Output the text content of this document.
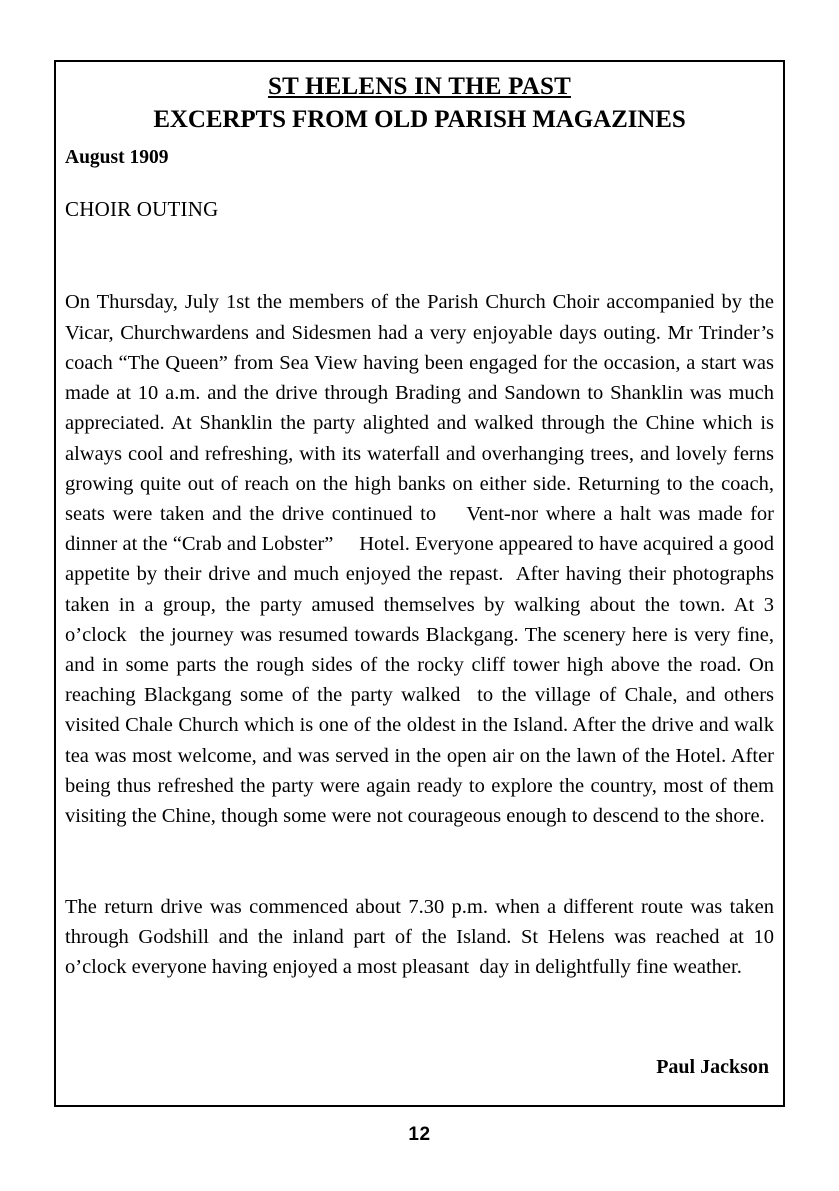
ST HELENS IN THE PAST
EXCERPTS FROM OLD PARISH MAGAZINES
August 1909
CHOIR OUTING

On Thursday, July 1st the members of the Parish Church Choir accompanied by the Vicar, Churchwardens and Sidesmen had a very enjoyable days outing. Mr Trinder’s coach “The Queen” from Sea View having been engaged for the occasion, a start was made at 10 a.m. and the drive through Brading and Sandown to Shanklin was much appreciated. At Shanklin the party alighted and walked through the Chine which is always cool and refreshing, with its waterfall and overhanging trees, and lovely ferns growing quite out of reach on the high banks on either side. Returning to the coach, seats were taken and the drive continued to    Vent-nor where a halt was made for dinner at the “Crab and Lobster”     Hotel. Everyone appeared to have acquired a good appetite by their drive and much enjoyed the repast.  After having their photographs taken in a group, the party amused themselves by walking about the town. At 3 o’clock  the journey was resumed towards Blackgang. The scenery here is very fine, and in some parts the rough sides of the rocky cliff tower high above the road. On reaching Blackgang some of the party walked  to the village of Chale, and others visited Chale Church which is one of the oldest in the Island. After the drive and walk tea was most welcome, and was served in the open air on the lawn of the Hotel. After being thus refreshed the party were again ready to explore the country, most of them visiting the Chine, though some were not courageous enough to descend to the shore.

The return drive was commenced about 7.30 p.m. when a different route was taken through Godshill and the inland part of the Island. St Helens was reached at 10 o’clock everyone having enjoyed a most pleasant  day in delightfully fine weather.

Paul Jackson
12
